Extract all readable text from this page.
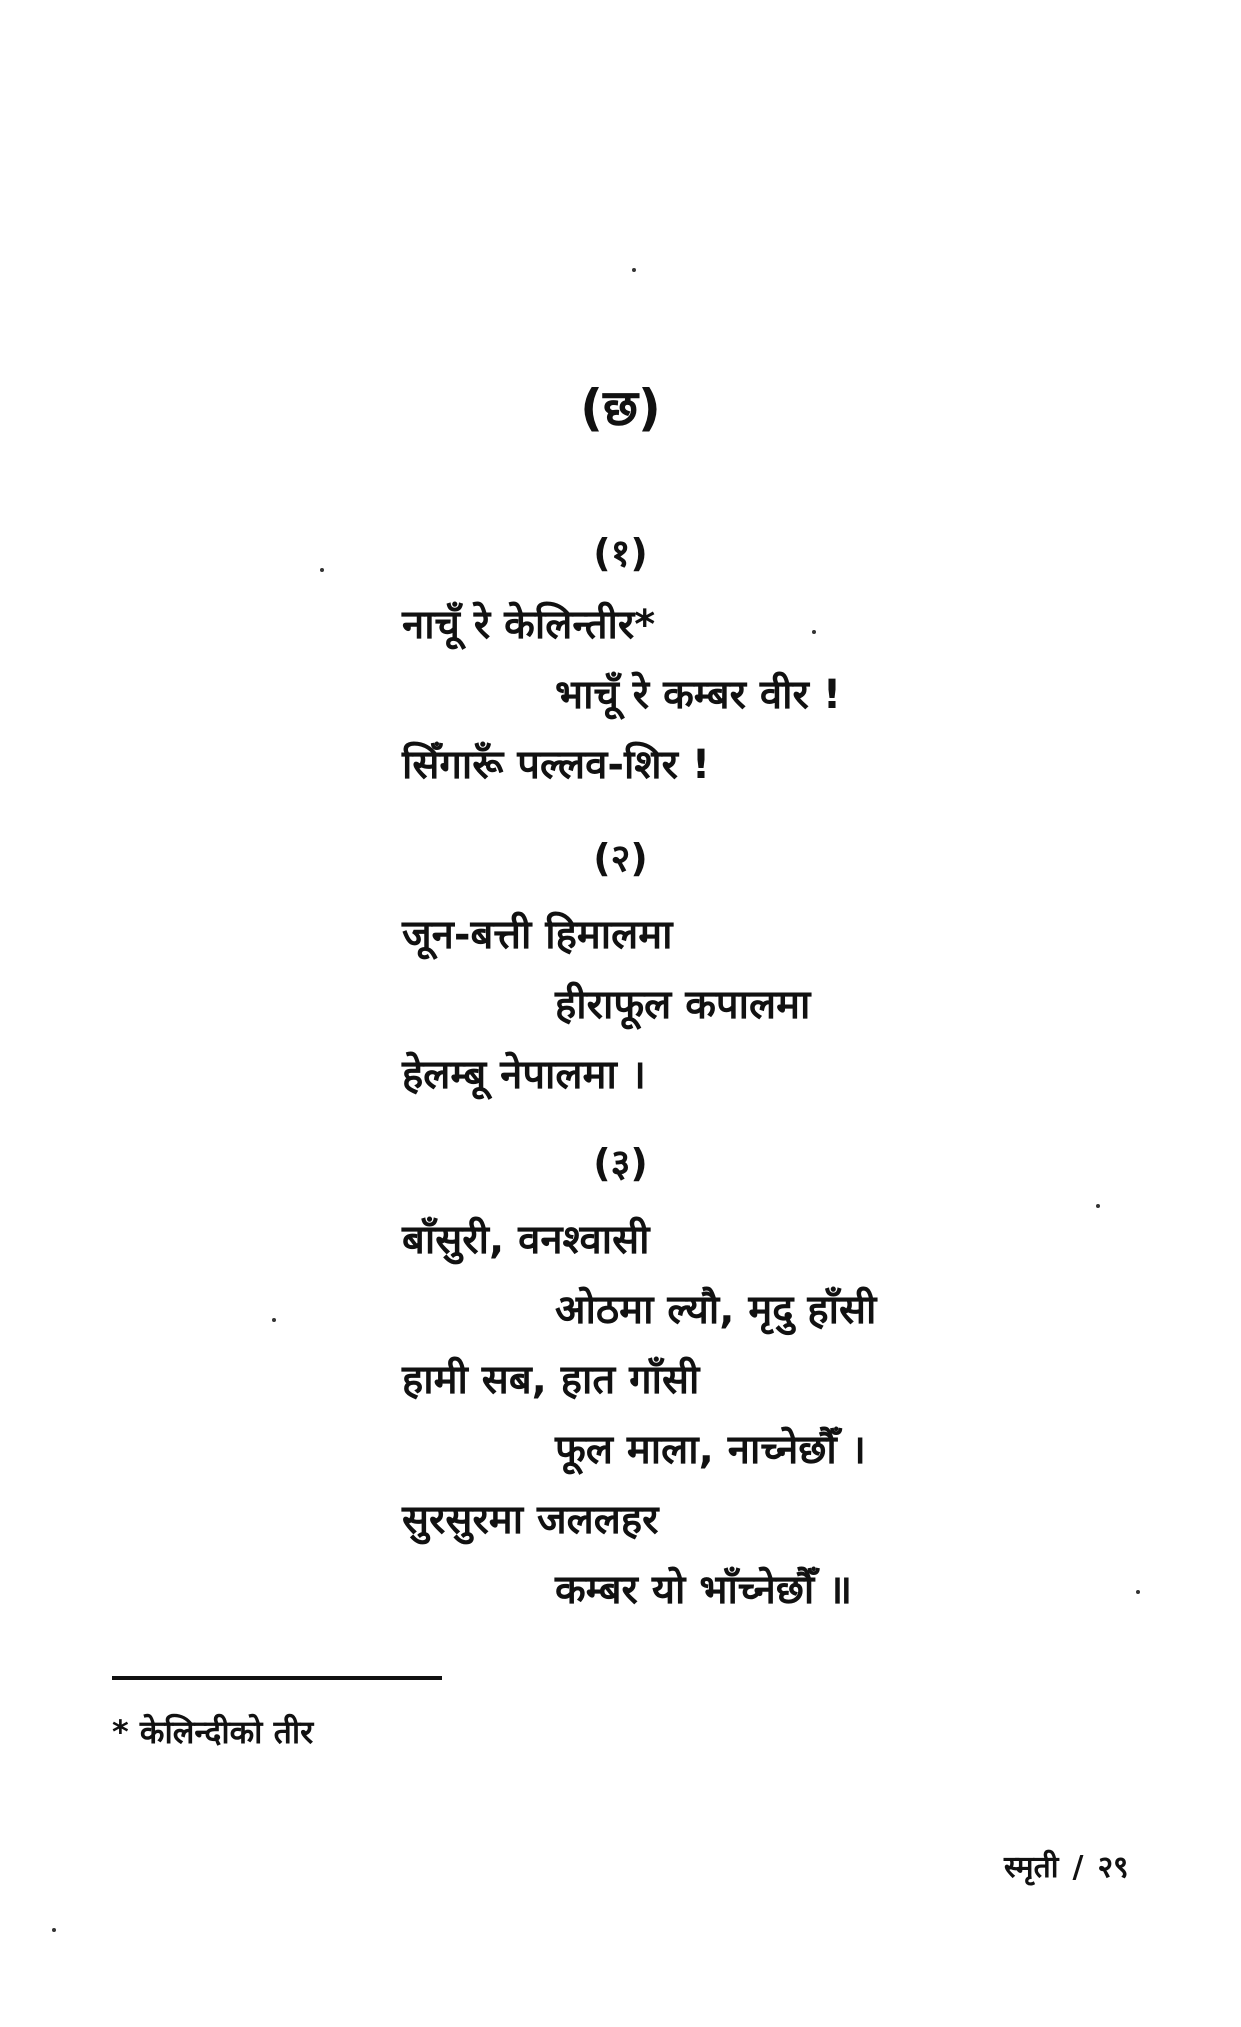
(छ)
(१)
नाचूँ रे केलिन्तीर*
भाचूँ रे कम्बर वीर !
सिँगारूँ पल्लव-शिर !
(२)
जून-बत्ती हिमालमा
हीराफूल कपालमा
हेलम्बू नेपालमा ।
(३)
बाँसुरी, वनश्वासी
ओठमा ल्यौ, मृदु हाँसी
हामी सब, हात गाँसी
फूल माला, नाच्नेछौँ ।
सुरसुरमा जललहर
कम्बर यो भाँच्नेछौँ ॥
* केलिन्दीको तीर
स्मृती / २९
